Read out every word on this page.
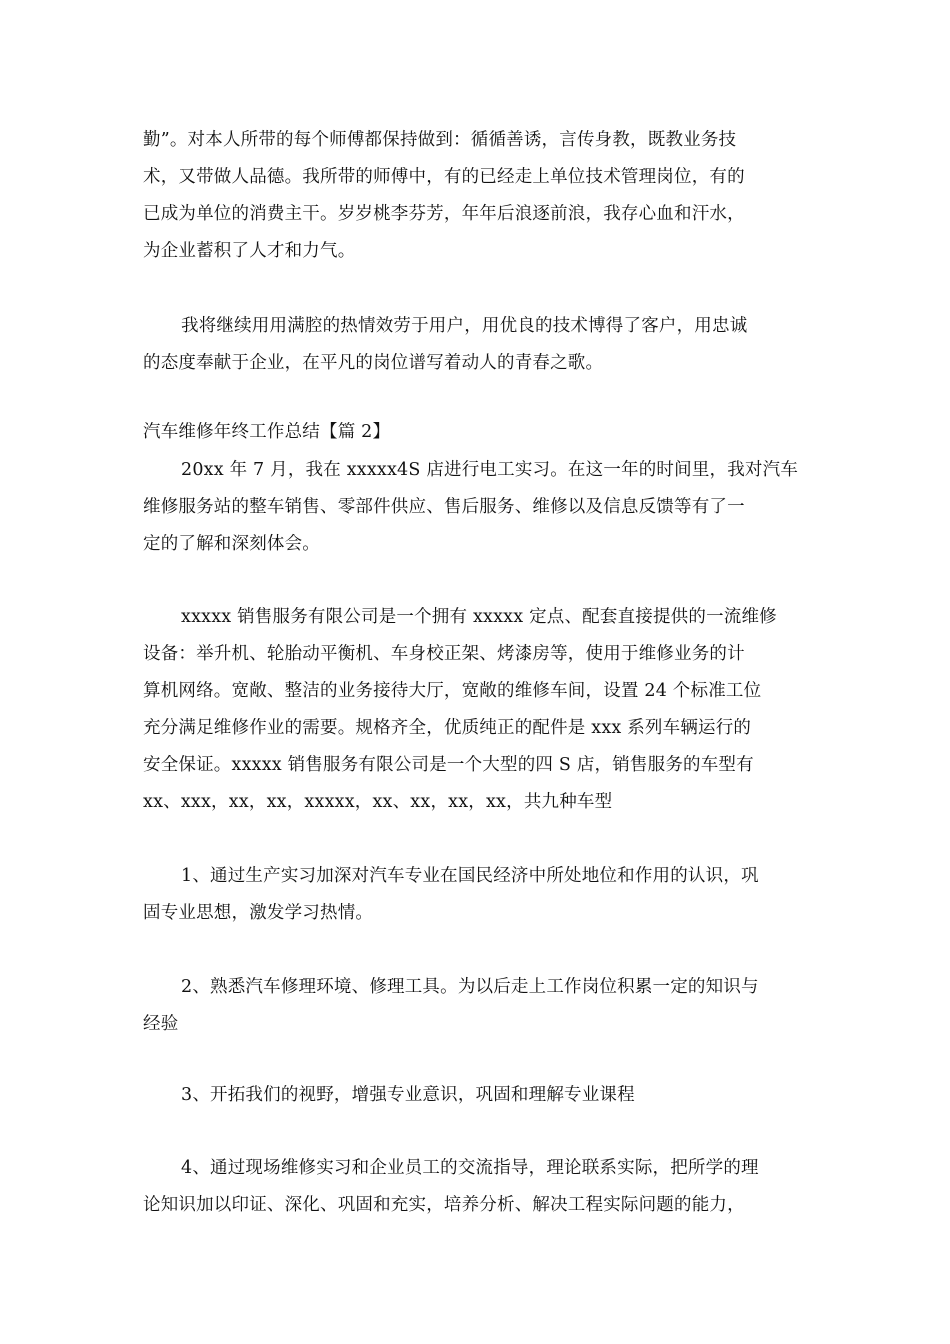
勤”。对本人所带的每个师傅都保持做到：循循善诱，言传身教，既教业务技
术，又带做人品德。我所带的师傅中，有的已经走上单位技术管理岗位，有的
已成为单位的消费主干。岁岁桃李芬芳，年年后浪逐前浪，我存心血和汗水，
为企业蓄积了人才和力气。
我将继续用用满腔的热情效劳于用户，用优良的技术博得了客户，用忠诚
的态度奉献于企业，在平凡的岗位谱写着动人的青春之歌。
汽车维修年终工作总结【篇 2】
20xx 年 7 月，我在 xxxxx4S 店进行电工实习。在这一年的时间里，我对汽车
维修服务站的整车销售、零部件供应、售后服务、维修以及信息反馈等有了一
定的了解和深刻体会。
xxxxx 销售服务有限公司是一个拥有 xxxxx 定点、配套直接提供的一流维修
设备：举升机、轮胎动平衡机、车身校正架、烤漆房等，使用于维修业务的计
算机网络。宽敞、整洁的业务接待大厅，宽敞的维修车间，设置 24 个标准工位
充分满足维修作业的需要。规格齐全，优质纯正的配件是 xxx 系列车辆运行的
安全保证。xxxxx 销售服务有限公司是一个大型的四 S 店，销售服务的车型有
xx、xxx，xx，xx，xxxxx，xx、xx，xx，xx，共九种车型
1、通过生产实习加深对汽车专业在国民经济中所处地位和作用的认识，巩
固专业思想，激发学习热情。
2、熟悉汽车修理环境、修理工具。为以后走上工作岗位积累一定的知识与
经验
3、开拓我们的视野，增强专业意识，巩固和理解专业课程
4、通过现场维修实习和企业员工的交流指导，理论联系实际，把所学的理
论知识加以印证、深化、巩固和充实，培养分析、解决工程实际问题的能力，
